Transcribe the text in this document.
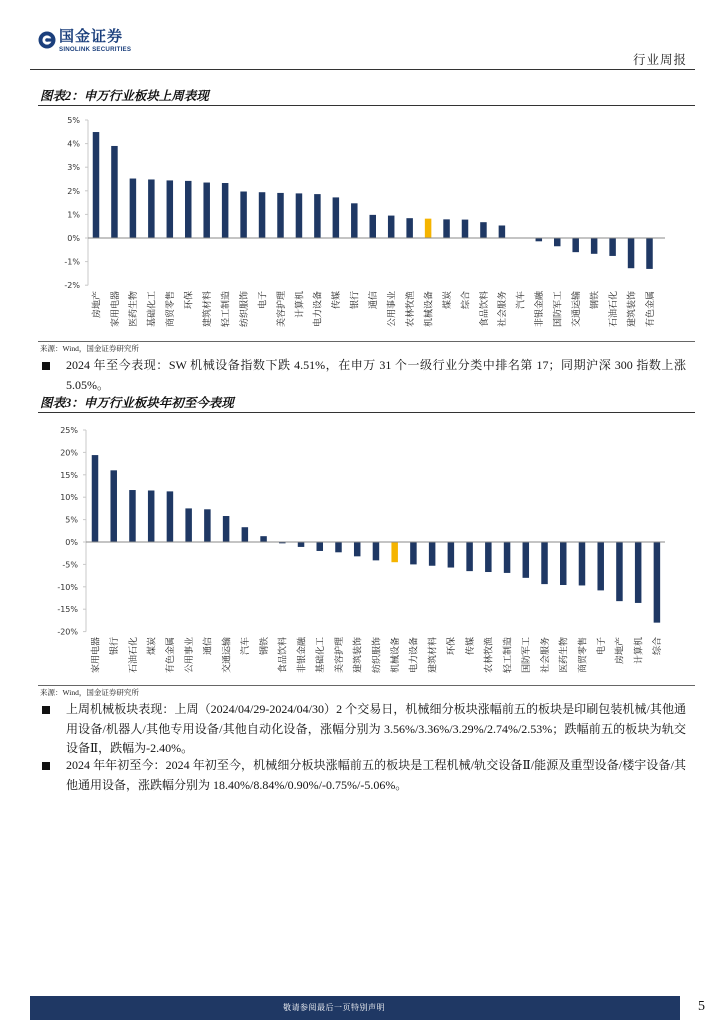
国金证券
SINOLINK SECURITIES
行业周报
图表2：申万行业板块上周表现
5%
4%
3%
2%
1%
0%
-1%
-2%
房地产 家用电器 医药生物 基础化工 商贸零售 环保 建筑材料 轻工制造 纺织服饰 电子 美容护理 计算机 电力设备 传媒 银行 通信 公用事业 农林牧渔 机械设备 煤炭 综合 食品饮料 社会服务 汽车 非银金融 国防军工 交通运输 钢铁 石油石化 建筑装饰 有色金属
来源：Wind，国金证券研究所
2024 年至今表现：SW 机械设备指数下跌 4.51%，在申万 31 个一级行业分类中排名第 17；同期沪深 300 指数上涨 5.05%。
图表3：申万行业板块年初至今表现
25%
20%
15%
10%
5%
0%
-5%
-10%
-15%
-20%
家用电器 银行 石油石化 煤炭 有色金属 公用事业 通信 交通运输 汽车 钢铁 食品饮料 非银金融 基础化工 美容护理 建筑装饰 纺织服饰 机械设备 电力设备 建筑材料 环保 传媒 农林牧渔 轻工制造 国防军工 社会服务 医药生物 商贸零售 电子 房地产 计算机 综合
来源：Wind，国金证券研究所
上周机械板块表现：上周（2024/04/29-2024/04/30）2 个交易日，机械细分板块涨幅前五的板块是印刷包装机械/其他通用设备/机器人/其他专用设备/其他自动化设备，涨幅分别为 3.56%/3.36%/3.29%/2.74%/2.53%；跌幅前五的板块为轨交设备Ⅱ，跌幅为-2.40%。
2024 年年初至今：2024 年初至今，机械细分板块涨幅前五的板块是工程机械/轨交设备Ⅱ/能源及重型设备/楼宇设备/其他通用设备，涨跌幅分别为 18.40%/8.84%/0.90%/-0.75%/-5.06%。
敬请参阅最后一页特别声明	5
